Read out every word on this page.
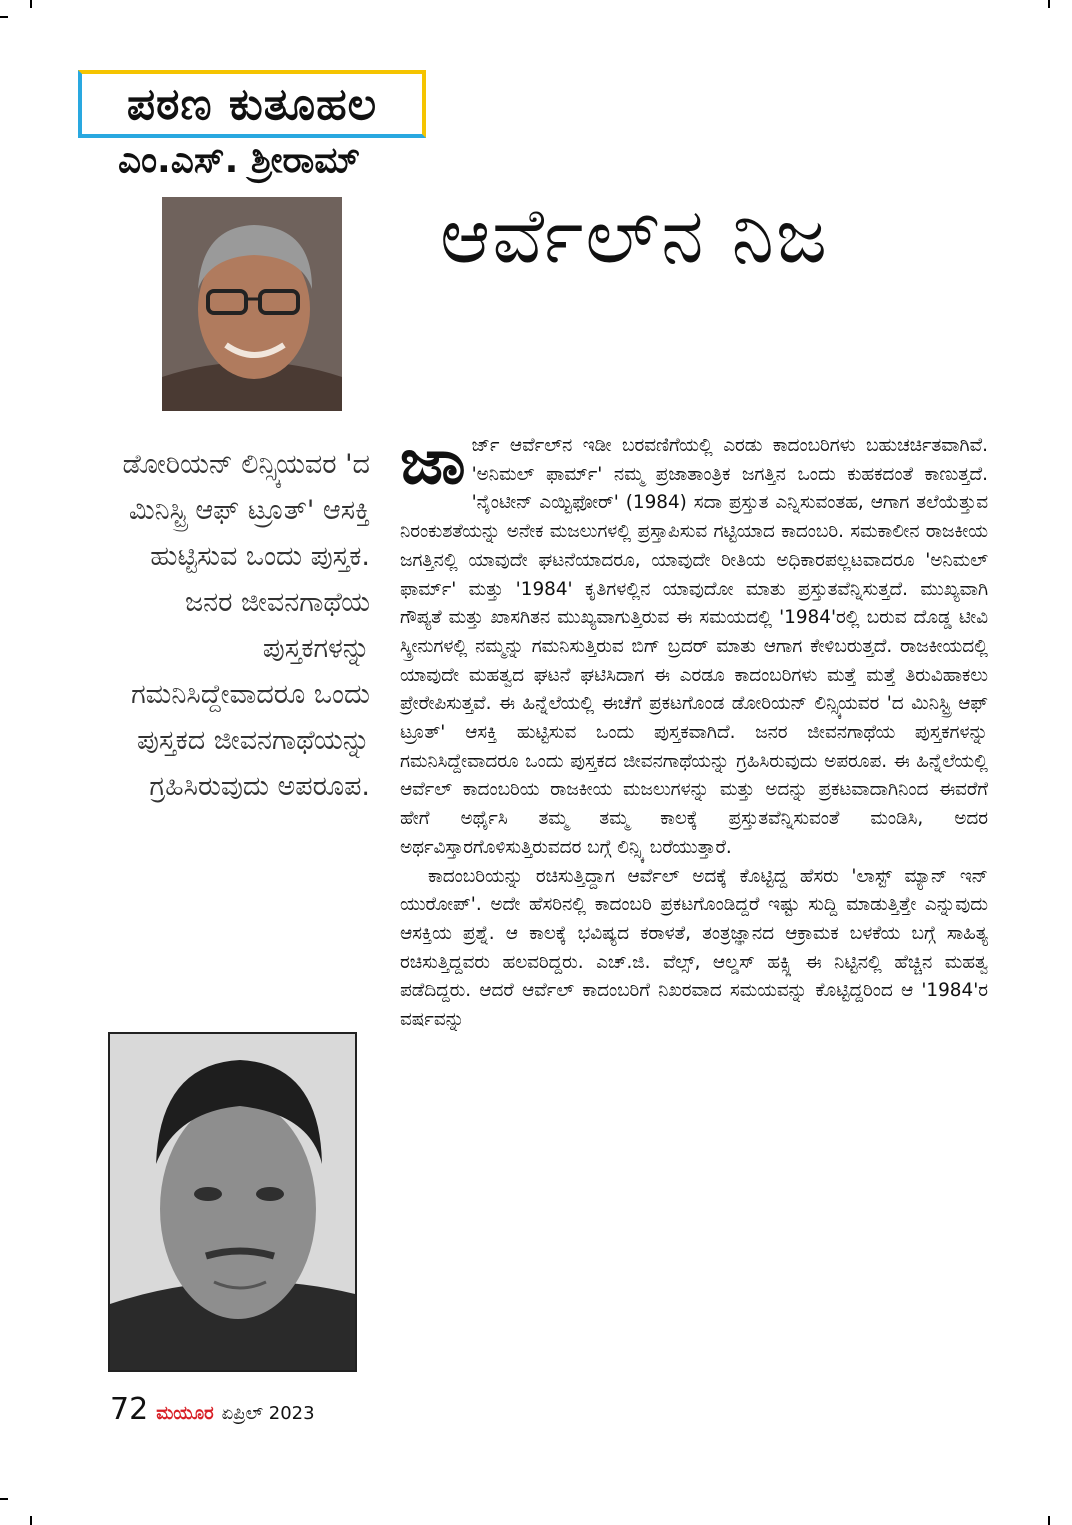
ಪಠಣ ಕುತೂಹಲ
ಎಂ.ಎಸ್. ಶ್ರೀರಾಮ್
ಆರ್ವೆಲ್‌ನ ನಿಜ
ಡೋರಿಯನ್ ಲಿನ್ಸ್ಕಿಯವರ 'ದ ಮಿನಿಸ್ಟ್ರಿ ಆಫ್ ಟ್ರೂತ್' ಆಸಕ್ತಿ ಹುಟ್ಟಿಸುವ ಒಂದು ಪುಸ್ತಕ. ಜನರ ಜೀವನಗಾಥೆಯ ಪುಸ್ತಕಗಳನ್ನು ಗಮನಿಸಿದ್ದೇವಾದರೂ ಒಂದು ಪುಸ್ತಕದ ಜೀವನಗಾಥೆಯನ್ನು ಗ್ರಹಿಸಿರುವುದು ಅಪರೂಪ.

ಜಾರ್ಜ್ ಆರ್ವೆಲ್‌ನ ಇಡೀ ಬರವಣಿಗೆಯಲ್ಲಿ ಎರಡು ಕಾದಂಬರಿಗಳು ಬಹುಚರ್ಚಿತವಾಗಿವೆ. 'ಅನಿಮಲ್ ಫಾರ್ಮ್' ನಮ್ಮ ಪ್ರಜಾತಾಂತ್ರಿಕ ಜಗತ್ತಿನ ಒಂದು ಕುಹಕದಂತೆ ಕಾಣುತ್ತದೆ. 'ನೈಂಟೀನ್ ಎಯ್ಟಿಫೋರ್' (1984) ಸದಾ ಪ್ರಸ್ತುತ ಎನ್ನಿಸುವಂತಹ, ಆಗಾಗ ತಲೆಯೆತ್ತುವ ನಿರಂಕುಶತೆಯನ್ನು ಅನೇಕ ಮಜಲುಗಳಲ್ಲಿ ಪ್ರಸ್ತಾಪಿಸುವ ಗಟ್ಟಿಯಾದ ಕಾದಂಬರಿ. ಸಮಕಾಲೀನ ರಾಜಕೀಯ ಜಗತ್ತಿನಲ್ಲಿ ಯಾವುದೇ ಘಟನೆಯಾದರೂ, ಯಾವುದೇ ರೀತಿಯ ಅಧಿಕಾರಪಲ್ಲಟವಾದರೂ 'ಅನಿಮಲ್ ಫಾರ್ಮ್' ಮತ್ತು '1984' ಕೃತಿಗಳಲ್ಲಿನ ಯಾವುದೋ ಮಾತು ಪ್ರಸ್ತುತವೆನ್ನಿಸುತ್ತದೆ. ಮುಖ್ಯವಾಗಿ ಗೌಪ್ಯತೆ ಮತ್ತು ಖಾಸಗಿತನ ಮುಖ್ಯವಾಗುತ್ತಿರುವ ಈ ಸಮಯದಲ್ಲಿ '1984'ರಲ್ಲಿ ಬರುವ ದೊಡ್ಡ ಟೀವಿ ಸ್ಕ್ರೀನುಗಳಲ್ಲಿ ನಮ್ಮನ್ನು ಗಮನಿಸುತ್ತಿರುವ ಬಿಗ್ ಬ್ರದರ್ ಮಾತು ಆಗಾಗ ಕೇಳಿಬರುತ್ತದೆ. ರಾಜಕೀಯದಲ್ಲಿ ಯಾವುದೇ ಮಹತ್ವದ ಘಟನೆ ಘಟಿಸಿದಾಗ ಈ ಎರಡೂ ಕಾದಂಬರಿಗಳು ಮತ್ತೆ ಮತ್ತೆ ತಿರುವಿಹಾಕಲು ಪ್ರೇರೇಪಿಸುತ್ತವೆ. ಈ ಹಿನ್ನೆಲೆಯಲ್ಲಿ ಈಚೆಗೆ ಪ್ರಕಟಗೊಂಡ ಡೋರಿಯನ್ ಲಿನ್ಸ್ಕಿಯವರ 'ದ ಮಿನಿಸ್ಟ್ರಿ ಆಫ್ ಟ್ರೂತ್' ಆಸಕ್ತಿ ಹುಟ್ಟಿಸುವ ಒಂದು ಪುಸ್ತಕವಾಗಿದೆ. ಜನರ ಜೀವನಗಾಥೆಯ ಪುಸ್ತಕಗಳನ್ನು ಗಮನಿಸಿದ್ದೇವಾದರೂ ಒಂದು ಪುಸ್ತಕದ ಜೀವನಗಾಥೆಯನ್ನು ಗ್ರಹಿಸಿರುವುದು ಅಪರೂಪ. ಈ ಹಿನ್ನೆಲೆಯಲ್ಲಿ ಆರ್ವೆಲ್ ಕಾದಂಬರಿಯ ರಾಜಕೀಯ ಮಜಲುಗಳನ್ನು ಮತ್ತು ಅದನ್ನು ಪ್ರಕಟವಾದಾಗಿನಿಂದ ಈವರೆಗೆ ಹೇಗೆ ಅರ್ಥೈಸಿ ತಮ್ಮ ತಮ್ಮ ಕಾಲಕ್ಕೆ ಪ್ರಸ್ತುತವೆನ್ನಿಸುವಂತೆ ಮಂಡಿಸಿ, ಅದರ ಅರ್ಥವಿಸ್ತಾರಗೊಳಿಸುತ್ತಿರುವದರ ಬಗ್ಗೆ ಲಿನ್ಸ್ಕಿ ಬರೆಯುತ್ತಾರೆ.

ಕಾದಂಬರಿಯನ್ನು ರಚಿಸುತ್ತಿದ್ದಾಗ ಆರ್ವೆಲ್ ಅದಕ್ಕೆ ಕೊಟ್ಟಿದ್ದ ಹೆಸರು 'ಲಾಸ್ಟ್ ಮ್ಯಾನ್ ಇನ್ ಯುರೋಪ್'. ಅದೇ ಹೆಸರಿನಲ್ಲಿ ಕಾದಂಬರಿ ಪ್ರಕಟಗೊಂಡಿದ್ದರೆ ಇಷ್ಟು ಸುದ್ದಿ ಮಾಡುತ್ತಿತ್ತೇ ಎನ್ನುವುದು ಆಸಕ್ತಿಯ ಪ್ರಶ್ನೆ. ಆ ಕಾಲಕ್ಕೆ ಭವಿಷ್ಯದ ಕರಾಳತೆ, ತಂತ್ರಜ್ಞಾನದ ಆಕ್ರಾಮಕ ಬಳಕೆಯ ಬಗ್ಗೆ ಸಾಹಿತ್ಯ ರಚಿಸುತ್ತಿದ್ದವರು ಹಲವರಿದ್ದರು. ಎಚ್.ಜಿ. ವೆಲ್ಸ್, ಆಲ್ಡಸ್ ಹಕ್ಸ್ಲಿ ಈ ನಿಟ್ಟಿನಲ್ಲಿ ಹೆಚ್ಚಿನ ಮಹತ್ವ ಪಡೆದಿದ್ದರು. ಆದರೆ ಆರ್ವೆಲ್ ಕಾದಂಬರಿಗೆ ನಿಖರವಾದ ಸಮಯವನ್ನು ಕೊಟ್ಟಿದ್ದರಿಂದ ಆ '1984'ರ ವರ್ಷವನ್ನು

72 ಮಯೂರ ಏಪ್ರಿಲ್ 2023
